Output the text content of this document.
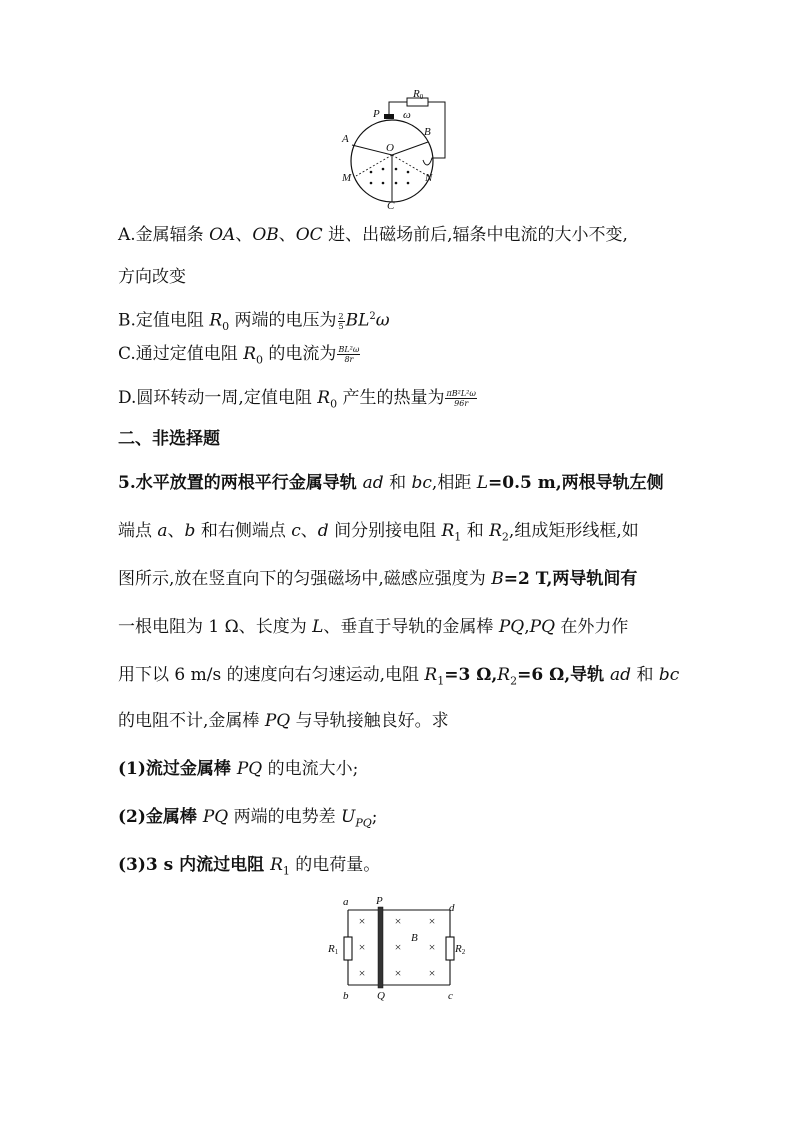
P ω
R0
A
B
O
M	N
C
A.金属辐条 OA、OB、OC 进、出磁场前后,辐条中电流的大小不变,
方向改变
B.定值电阻 $R_0$ 两端的电压为 $\frac{2}{5} BL^2\omega$
C.通过定值电阻 $R_0$ 的电流为 $\frac{\text{BL²ω}}{8r}$
D.圆环转动一周,定值电阻 $R_0$ 产生的热量为 $\frac{\text{πB²L²ω}}{96r}$
二、非选择题
5.水平放置的两根平行金属导轨 ad 和 bc,相距 L=0.5 m,两根导轨左侧
端点 a、b 和右侧端点 c、d 间分别接电阻 $R_1$ 和 $R_2$,组成矩形线框,如
图所示,放在竖直向下的匀强磁场中,磁感应强度为 B=2 T,两导轨间有
一根电阻为 1 Ω、长度为 L、垂直于导轨的金属棒 PQ,PQ 在外力作
用下以 6 m/s 的速度向右匀速运动,电阻 $R_1=3$ $\Omega,R_2=6$ Ω,导轨 ad 和 bc
的电阻不计,金属棒 PQ 与导轨接触良好。求
(1)流过金属棒 PQ 的电流大小;
(2)金属棒 PQ 两端的电势差 $U_{PQ}$;
(3)3 s 内流过电阻 $R_1$ 的电荷量。
×
×
×
×
×
×
×
×
×
a	P
d
b	Q	c
B
R1	R2
